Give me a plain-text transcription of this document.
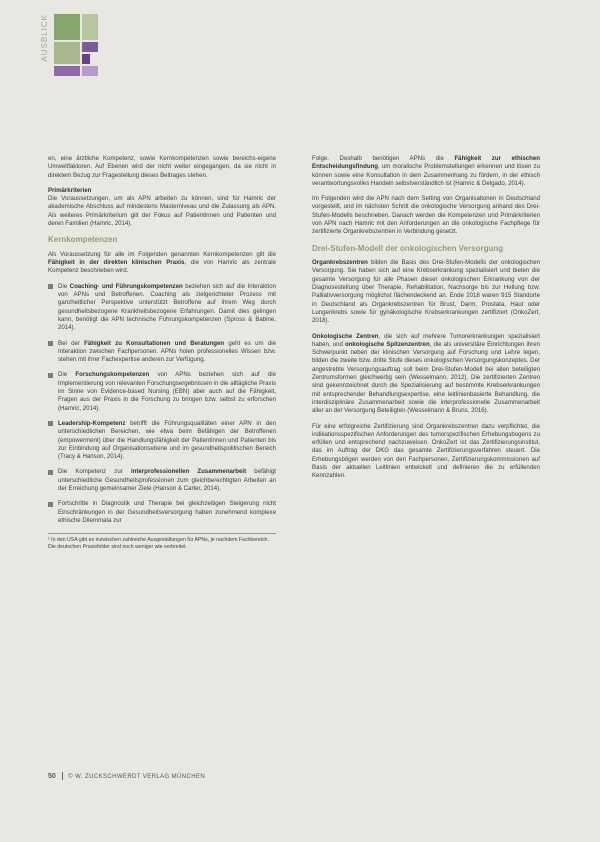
AUSBLICK

en, eine ärztliche Kompetenz, sowie Kernkompetenzen sowie bereichs-eigene Umweltfaktoren. Auf Ebenen wird der nicht weiter eingegangen, da sie nicht in direktem Bezug zur Fragestellung dieses Beitrages stehen.

Primärkriterien

Die Voraussetzungen, um als APN arbeiten zu können, sind für Hamric der akademische Abschluss auf mindestens Masterniveau und die Zulassung als APN. Als weiteres Primärkriterium gilt der Fokus auf Patientinnen und Patienten und deren Familien (Hamric, 2014).

Kernkompetenzen

Als Voraussetzung für alle im Folgenden genannten Kernkompetenzen gilt die Fähigkeit in der direkten klinischen Praxis, die von Hamric als zentrale Kompetenz beschrieben wird.

Die Coaching- und Führungskompetenzen beziehen sich auf die Interaktion von APNs und Betroffenen. Coaching als zielgerichteter Prozess mit ganzheitlicher Perspektive unterstützt Betroffene auf ihrem Weg durch gesundheitsbezogene Krankheitsbezogene Erfahrungen. Damit dies gelingen kann, benötigt die APN technische Führungskompetenzen (Spross & Babine, 2014).
Bei der Fähigkeit zu Konsultationen und Beratungen geht es um die Interaktion zwischen Fachpersonen. APNs holen professionelles Wissen bzw. stehen mit ihrer Fachexpertise anderen zur Verfügung.
Die Forschungskompetenzen von APNs beziehen sich auf die Implementierung von relevanten Forschungsergebnissen in die alltägliche Praxis im Sinne von Evidence-based Nursing (EBN) aber auch auf die Fähigkeit, Fragen aus der Praxis in die Forschung zu bringen bzw. selbst zu erforschen (Hamric, 2014).
Leadership-Kompetenz betrifft die Führungsqualitäten einer APN in den unterschiedlichen Bereichen, wie etwa beim Befähigen der Betroffenen (empowerment) über die Handlungsfähigkeit der Patientinnen und Patienten bis zur Einbindung auf Organisationsebene und im gesundheitspolitischen Bereich (Tracy & Hanson, 2014).
Die Kompetenz zur interprofessionellen Zusammenarbeit befähigt unterschiedliche Gesundheitsprofessionen zum gleichberechtigten Arbeiten an der Erreichung gemeinsamer Ziele (Hanson & Carter, 2014).
Fortschritte in Diagnostik und Therapie bei gleichzeitigen Steigerung nicht Einschränkungen in der Gesundheitsversorgung haben zunehmend komplexe ethische Dilemmata zur
¹ In den USA gibt es inzwischen zahlreiche Ausgestaltungen für APNs, je nachdem Fachbereich. Die deutschen Praxisfelder sind noch weniger wie verbreitet.

Folge. Deshalb benötigen APNs die Fähigkeit zur ethischen Entscheidungsfindung, um moralische Problemstellungen erkennen und lösen zu können sowie eine Konsultation in dem Zusammenhang zu fördern, in der ethisch verantwortungsvolles Handeln selbstverständlich ist (Hamric & Delgado, 2014).

Im Folgenden wird die APN nach dem Setting von Organisationen in Deutschland vorgestellt, und im nächsten Schritt die onkologische Versorgung anhand des Drei-Stufen-Modells beschrieben. Danach werden die Kompetenzen und Primärkriterien von APN nach Hamric mit den Anforderungen an die onkologische Fachpflege für zertifizierte Organkrebszentren in Verbindung gesetzt.

Drei-Stufen-Modell der onkologischen Versorgung

Organkrebszentren bilden die Basis des Drei-Stufen-Modells der onkologischen Versorgung. Sie haben sich auf eine Krebserkrankung spezialisiert und bieten die gesamte Versorgung für alle Phasen dieser onkologischen Erkrankung von der Diagnosestellung über Therapie, Rehabilitation, Nachsorge bis zur Heilung bzw. Palliativversorgung möglichst flächendeckend an. Ende 2018 waren 915 Standorte in Deutschland als Organkrebszentren für Brust, Darm, Prostata, Haut oder Lungenkrebs sowie für gynäkologische Krebserkrankungen zertifiziert (OnkoZert, 2018).

Onkologische Zentren, die sich auf mehrere Tumorerkrankungen spezialisiert haben, und onkologische Spitzenzentren, die als universitäre Einrichtungen ihren Schwerpunkt neben der klinischen Versorgung auf Forschung und Lehre legen, bilden die zweite bzw. dritte Stufe dieses onkologischen Versorgungskonzeptes. Der angestrebte Versorgungsauftrag soll beim Drei-Stufen-Modell bei allen beteiligten Zentrumsformen gleichwertig sein (Wesselmann, 2012). Die zertifizierten Zentren sind gekennzeichnet durch die Spezialisierung auf bestimmte Krebserkrankungen mit entsprechender Behandlungsexpertise, eine leitlinienbasierte Behandlung, die interdisziplinäre Zusammenarbeit sowie die interprofessionelle Zusammenarbeit aller an der Versorgung Beteiligten (Wesselmann & Bruns, 2016).

Für eine erfolgreiche Zertifizierung sind Organkrebszentren dazu verpflichtet, die indikationsspezifischen Anforderungen des tumorspezifischen Erhebungsbogens zu erfüllen und entsprechend nachzuweisen. OnkoZert ist das Zertifizierungsinstitut, das im Auftrag der DKG das gesamte Zertifizierungsverfahren steuert. Die Erhebungsbögen werden von den Fachpersonen, Zertifizierungskommissionen auf Basis der aktuellen Leitlinien entwickelt und definieren die zu erfüllenden Kennzahlen.

50 © W. ZUCKSCHWERDT VERLAG MÜNCHEN
